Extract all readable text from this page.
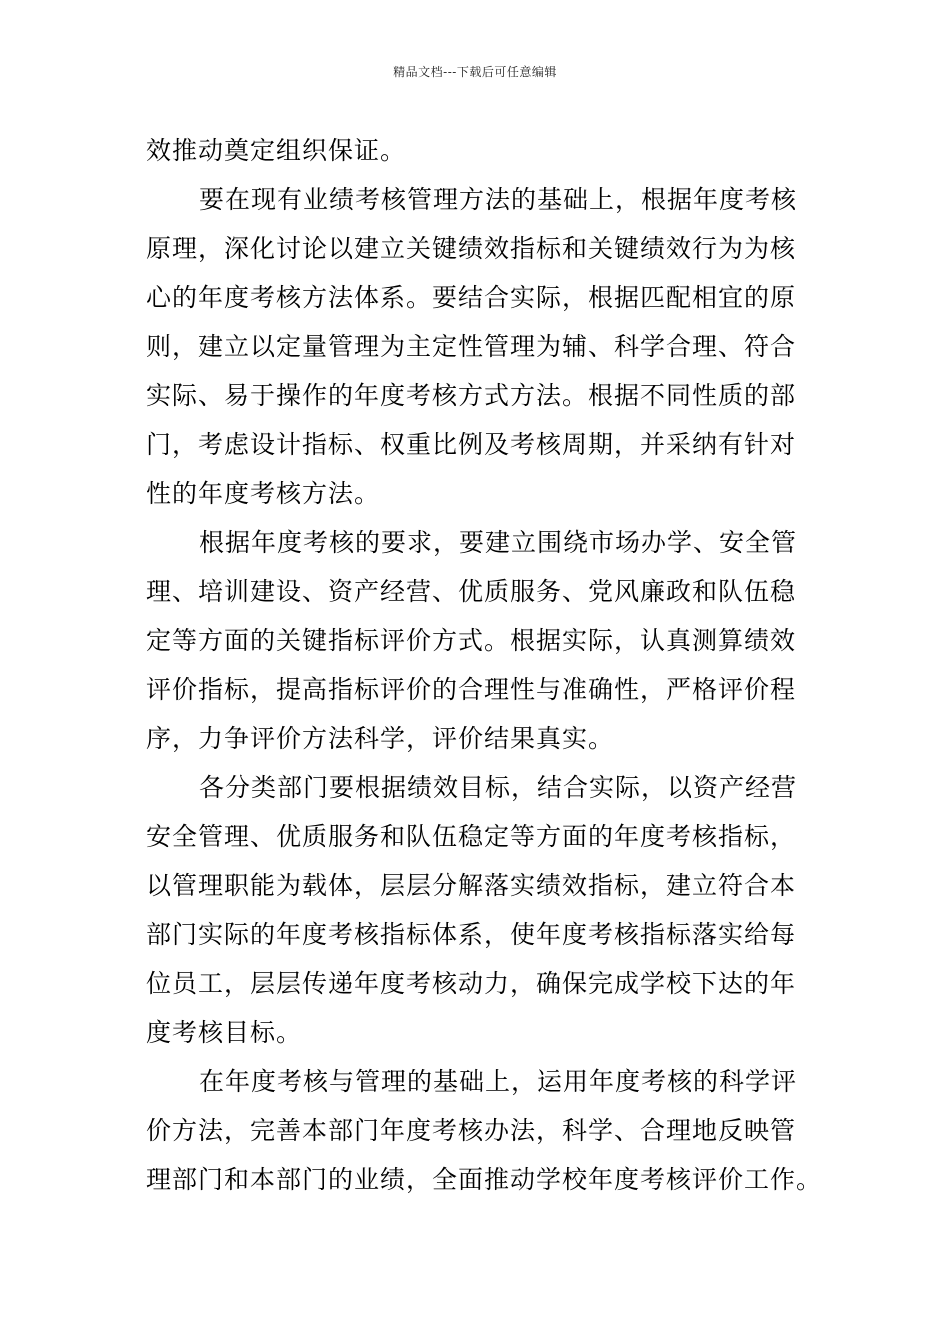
精品文档---下载后可任意编辑
效推动奠定组织保证。
要在现有业绩考核管理方法的基础上，根据年度考核
原理，深化讨论以建立关键绩效指标和关键绩效行为为核
心的年度考核方法体系。要结合实际，根据匹配相宜的原
则，建立以定量管理为主定性管理为辅、科学合理、符合
实际、易于操作的年度考核方式方法。根据不同性质的部
门，考虑设计指标、权重比例及考核周期，并采纳有针对
性的年度考核方法。
根据年度考核的要求，要建立围绕市场办学、安全管
理、培训建设、资产经营、优质服务、党风廉政和队伍稳
定等方面的关键指标评价方式。根据实际，认真测算绩效
评价指标，提高指标评价的合理性与准确性，严格评价程
序，力争评价方法科学，评价结果真实。
各分类部门要根据绩效目标，结合实际，以资产经营
安全管理、优质服务和队伍稳定等方面的年度考核指标，
以管理职能为载体，层层分解落实绩效指标，建立符合本
部门实际的年度考核指标体系，使年度考核指标落实给每
位员工，层层传递年度考核动力，确保完成学校下达的年
度考核目标。
在年度考核与管理的基础上，运用年度考核的科学评
价方法，完善本部门年度考核办法，科学、合理地反映管
理部门和本部门的业绩，全面推动学校年度考核评价工作。
